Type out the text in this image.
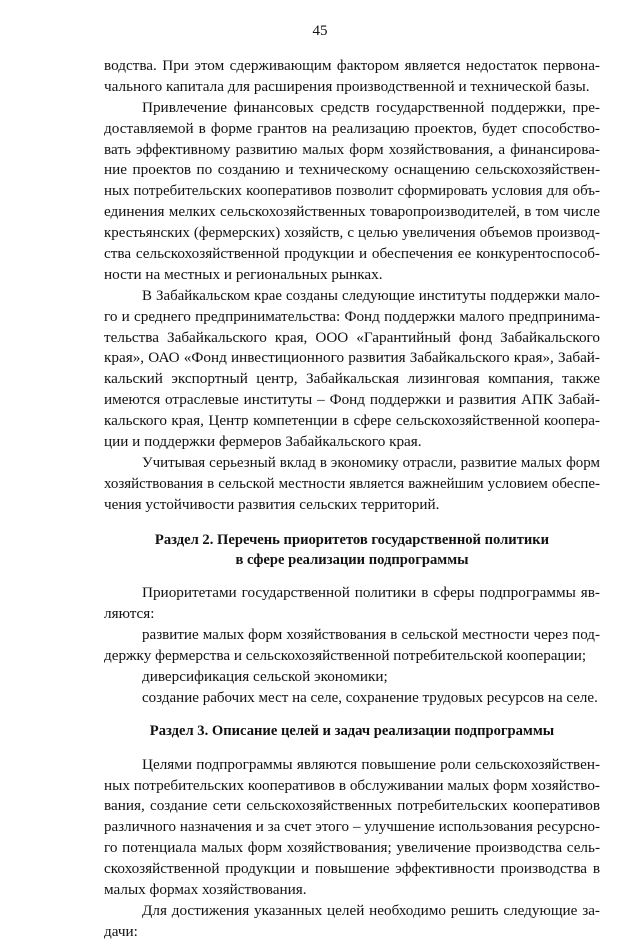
45
водства. При этом сдерживающим фактором является недостаток первона-
чального капитала для расширения производственной и технической базы.
Привлечение финансовых средств государственной поддержки, пре-
доставляемой в форме грантов на реализацию проектов, будет способство-
вать эффективному развитию малых форм хозяйствования, а финансирова-
ние проектов по созданию и техническому оснащению сельскохозяйствен-
ных потребительских кооперативов позволит сформировать условия для объ-
единения мелких сельскохозяйственных товаропроизводителей, в том числе
крестьянских (фермерских) хозяйств, с целью увеличения объемов производ-
ства сельскохозяйственной продукции и обеспечения ее конкурентоспособ-
ности на местных и региональных рынках.
В Забайкальском крае созданы следующие институты поддержки мало-
го и среднего предпринимательства: Фонд поддержки малого предпринима-
тельства Забайкальского края, ООО «Гарантийный фонд Забайкальского
края», ОАО «Фонд инвестиционного развития Забайкальского края», Забай-
кальский экспортный центр, Забайкальская лизинговая компания, также
имеются отраслевые институты – Фонд поддержки и развития АПК Забай-
кальского края, Центр компетенции в сфере сельскохозяйственной коопера-
ции и поддержки фермеров Забайкальского края.
Учитывая серьезный вклад в экономику отрасли, развитие малых форм
хозяйствования в сельской местности является важнейшим условием обеспе-
чения устойчивости развития сельских территорий.
Раздел 2. Перечень приоритетов государственной политики
в сфере реализации подпрограммы
Приоритетами государственной политики в сферы подпрограммы яв-
ляются:
развитие малых форм хозяйствования в сельской местности через под-
держку фермерства и сельскохозяйственной потребительской кооперации;
диверсификация сельской экономики;
создание рабочих мест на селе, сохранение трудовых ресурсов на селе.
Раздел 3. Описание целей и задач реализации подпрограммы
Целями подпрограммы являются повышение роли сельскохозяйствен-
ных потребительских кооперативов в обслуживании малых форм хозяйство-
вания, создание сети сельскохозяйственных потребительских кооперативов
различного назначения и за счет этого – улучшение использования ресурсно-
го потенциала малых форм хозяйствования; увеличение производства сель-
скохозяйственной продукции и повышение эффективности производства в
малых формах хозяйствования.
Для достижения указанных целей необходимо решить следующие за-
дачи:
